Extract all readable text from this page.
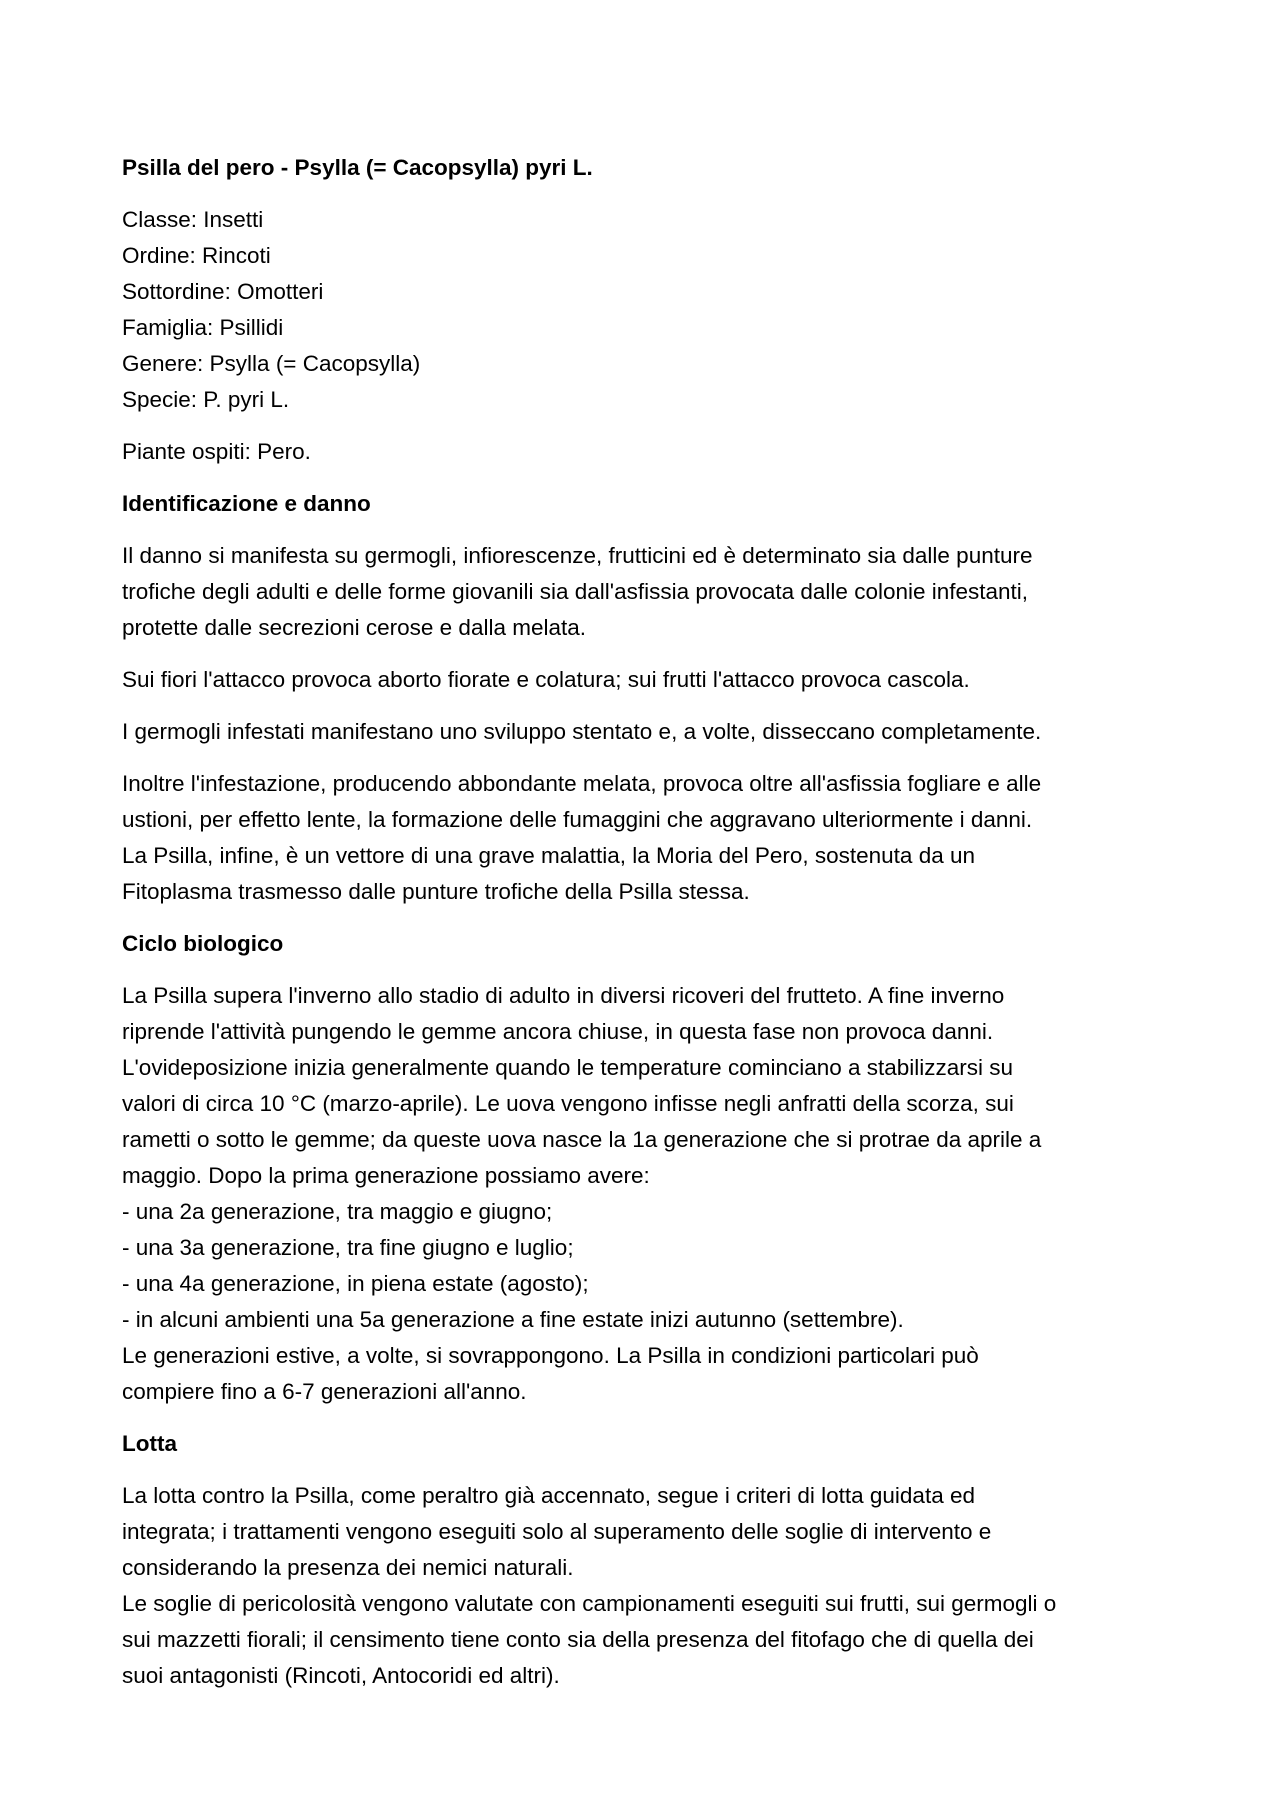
Psilla del pero - Psylla (= Cacopsylla) pyri L.

Classe: Insetti
Ordine: Rincoti
Sottordine: Omotteri
Famiglia: Psillidi
Genere: Psylla (= Cacopsylla)
Specie: P. pyri L.

Piante ospiti: Pero.

Identificazione e danno

Il danno si manifesta su germogli, infiorescenze, frutticini ed è determinato sia dalle punture
trofiche degli adulti e delle forme giovanili sia dall'asfissia provocata dalle colonie infestanti,
protette dalle secrezioni cerose e dalla melata.

Sui fiori l'attacco provoca aborto fiorate e colatura; sui frutti l'attacco provoca cascola.

I germogli infestati manifestano uno sviluppo stentato e, a volte, disseccano completamente.

Inoltre l'infestazione, producendo abbondante melata, provoca oltre all'asfissia fogliare e alle
ustioni, per effetto lente, la formazione delle fumaggini che aggravano ulteriormente i danni.
La Psilla, infine, è un vettore di una grave malattia, la Moria del Pero, sostenuta da un
Fitoplasma trasmesso dalle punture trofiche della Psilla stessa.

Ciclo biologico

La Psilla supera l'inverno allo stadio di adulto in diversi ricoveri del frutteto. A fine inverno
riprende l'attività pungendo le gemme ancora chiuse, in questa fase non provoca danni.
L'ovideposizione inizia generalmente quando le temperature cominciano a stabilizzarsi su
valori di circa 10 °C (marzo-aprile). Le uova vengono infisse negli anfratti della scorza, sui
rametti o sotto le gemme; da queste uova nasce la 1a generazione che si protrae da aprile a
maggio. Dopo la prima generazione possiamo avere:
- una 2a generazione, tra maggio e giugno;
- una 3a generazione, tra fine giugno e luglio;
- una 4a generazione, in piena estate (agosto);
- in alcuni ambienti una 5a generazione a fine estate inizi autunno (settembre).
Le generazioni estive, a volte, si sovrappongono. La Psilla in condizioni particolari può
compiere fino a 6-7 generazioni all'anno.

Lotta

La lotta contro la Psilla, come peraltro già accennato, segue i criteri di lotta guidata ed
integrata; i trattamenti vengono eseguiti solo al superamento delle soglie di intervento e
considerando la presenza dei nemici naturali.
Le soglie di pericolosità vengono valutate con campionamenti eseguiti sui frutti, sui germogli o
sui mazzetti fiorali; il censimento tiene conto sia della presenza del fitofago che di quella dei
suoi antagonisti (Rincoti, Antocoridi ed altri).
